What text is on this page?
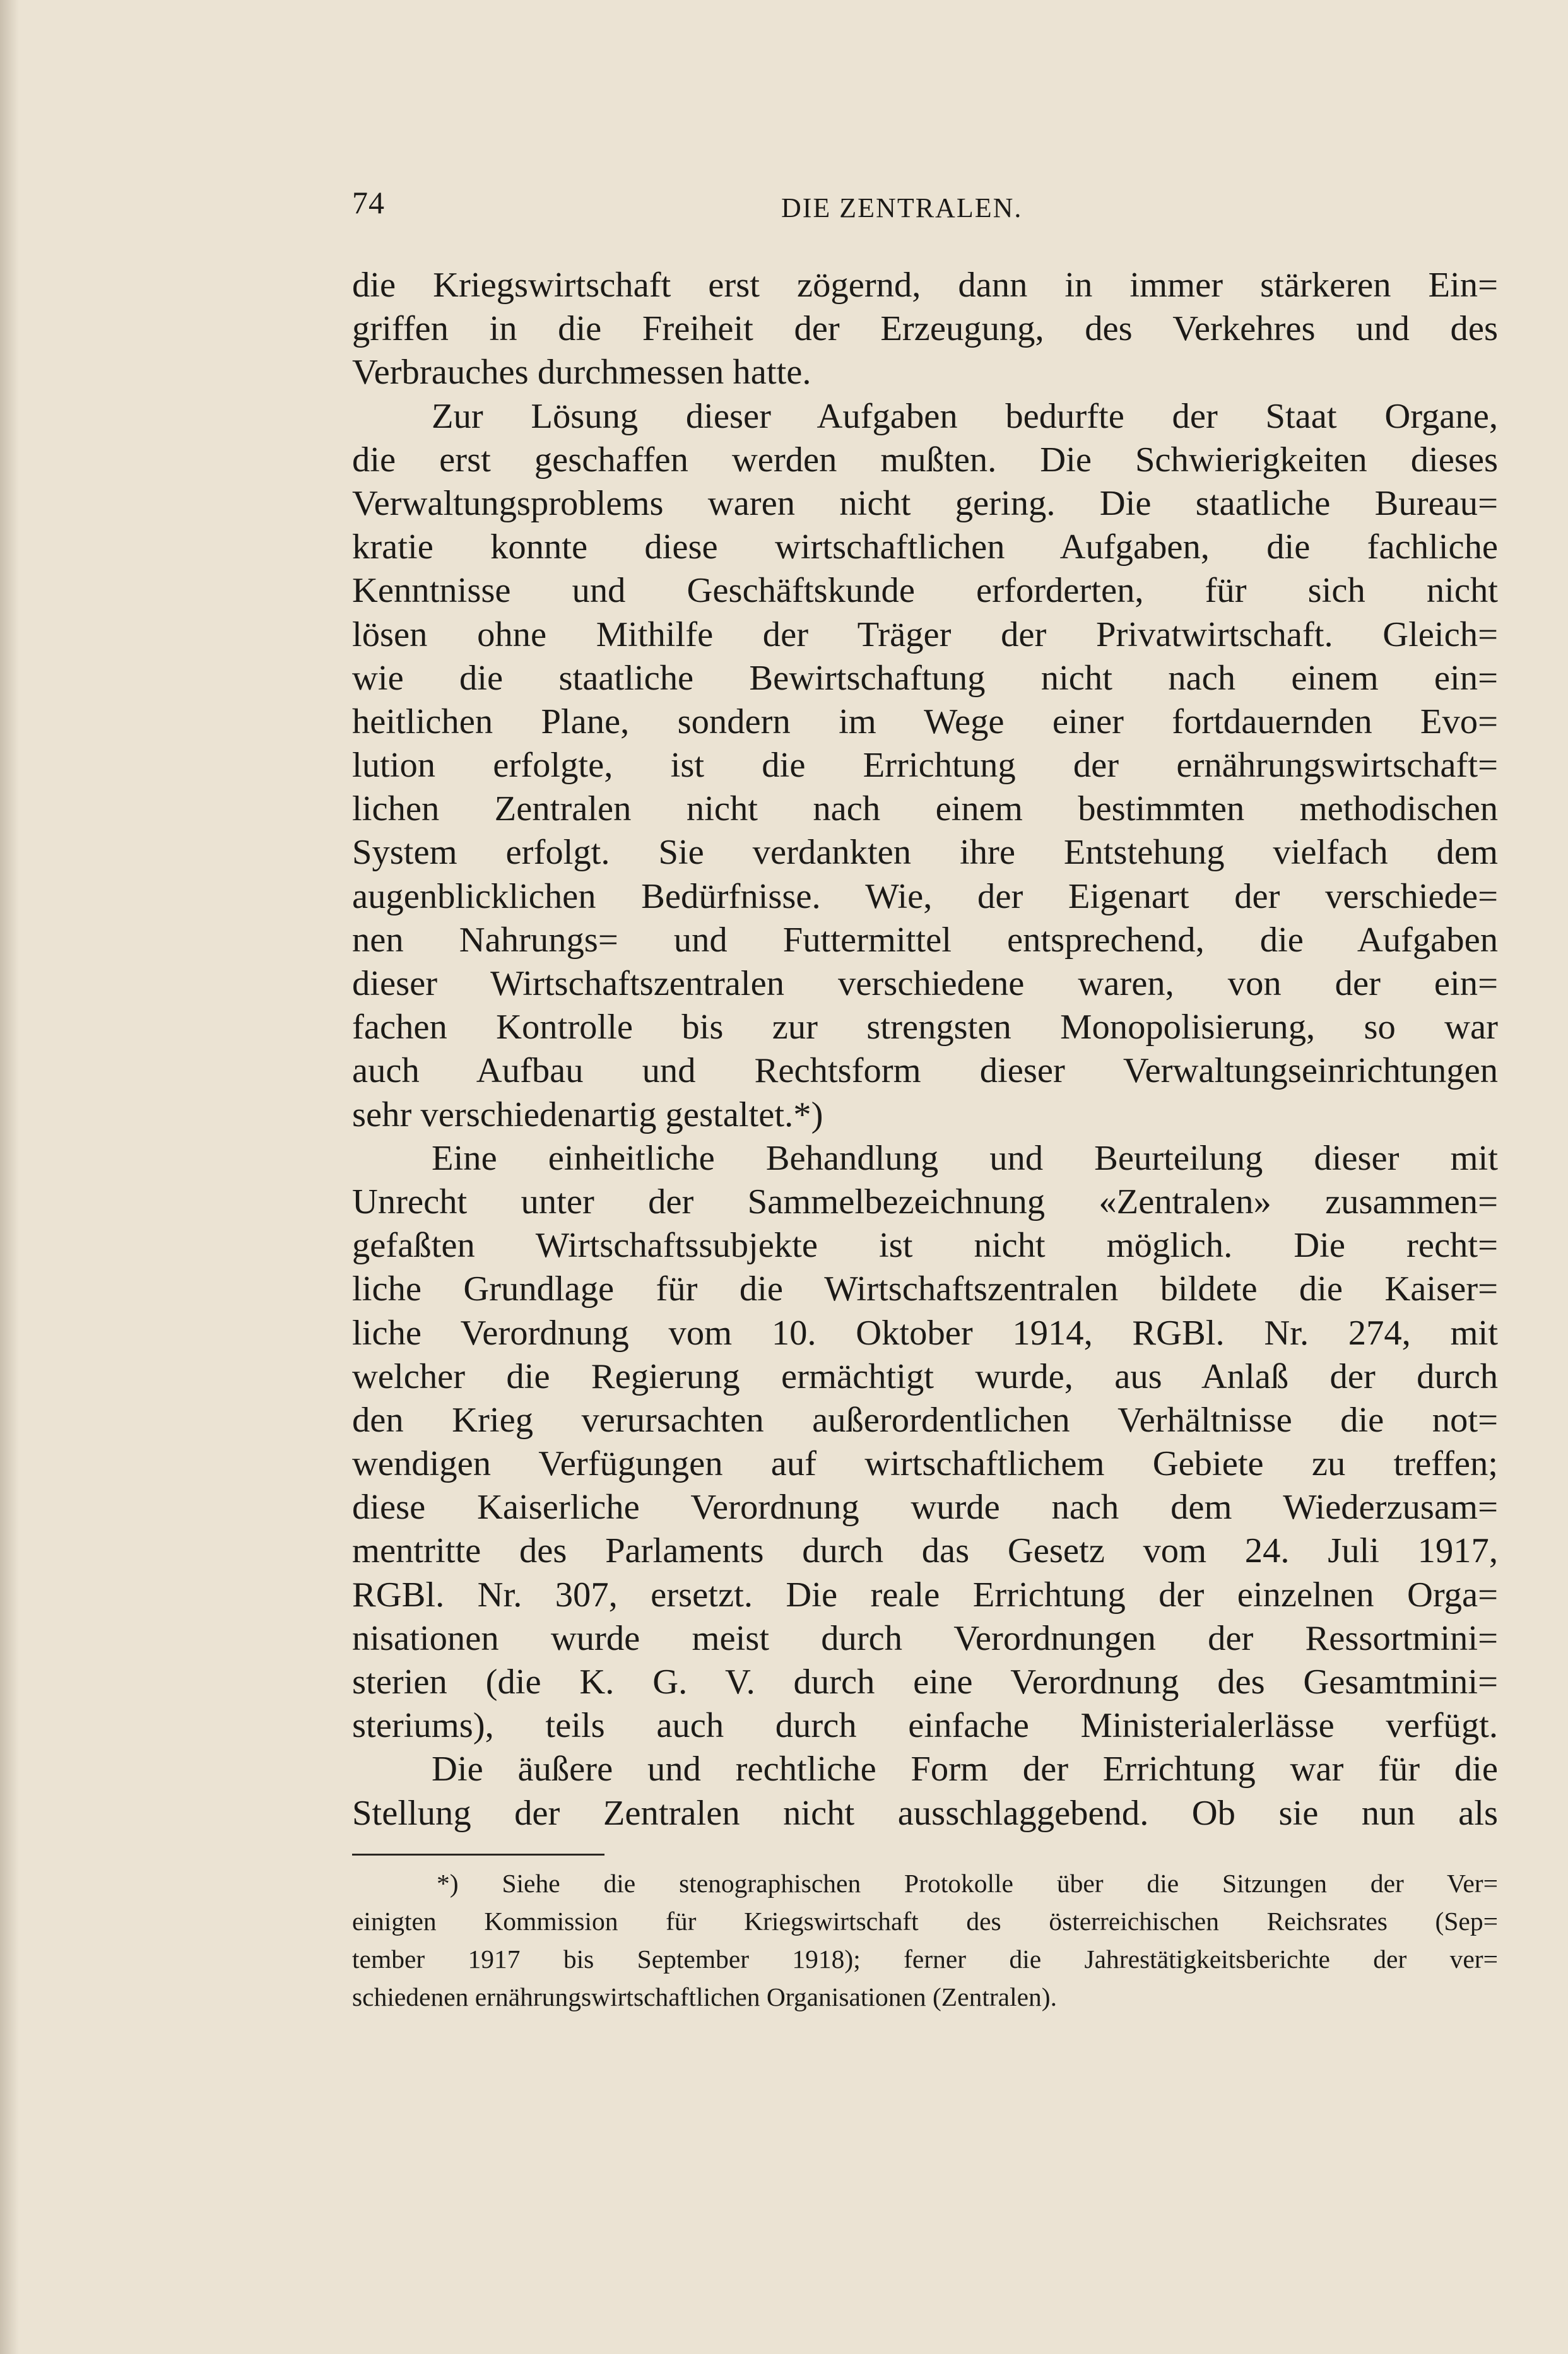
74	DIE ZENTRALEN.
die Kriegswirtschaft erst zögernd, dann in immer stärkeren Ein=
griffen in die Freiheit der Erzeugung, des Verkehres und des
Verbrauches durchmessen hatte.
Zur Lösung dieser Aufgaben bedurfte der Staat Organe,
die erst geschaffen werden mußten. Die Schwierigkeiten dieses
Verwaltungsproblems waren nicht gering. Die staatliche Bureau=
kratie konnte diese wirtschaftlichen Aufgaben, die fachliche
Kenntnisse und Geschäftskunde erforderten, für sich nicht
lösen ohne Mithilfe der Träger der Privatwirtschaft. Gleich=
wie die staatliche Bewirtschaftung nicht nach einem ein=
heitlichen Plane, sondern im Wege einer fortdauernden Evo=
lution erfolgte, ist die Errichtung der ernährungswirtschaft=
lichen Zentralen nicht nach einem bestimmten methodischen
System erfolgt. Sie verdankten ihre Entstehung vielfach dem
augenblicklichen Bedürfnisse. Wie, der Eigenart der verschiede=
nen Nahrungs= und Futtermittel entsprechend, die Aufgaben
dieser Wirtschaftszentralen verschiedene waren, von der ein=
fachen Kontrolle bis zur strengsten Monopolisierung, so war
auch Aufbau und Rechtsform dieser Verwaltungseinrichtungen
sehr verschiedenartig gestaltet.*)
Eine einheitliche Behandlung und Beurteilung dieser mit
Unrecht unter der Sammelbezeichnung «Zentralen» zusammen=
gefaßten Wirtschaftssubjekte ist nicht möglich. Die recht=
liche Grundlage für die Wirtschaftszentralen bildete die Kaiser=
liche Verordnung vom 10. Oktober 1914, RGBl. Nr. 274, mit
welcher die Regierung ermächtigt wurde, aus Anlaß der durch
den Krieg verursachten außerordentlichen Verhältnisse die not=
wendigen Verfügungen auf wirtschaftlichem Gebiete zu treffen;
diese Kaiserliche Verordnung wurde nach dem Wiederzusam=
mentritte des Parlaments durch das Gesetz vom 24. Juli 1917,
RGBl. Nr. 307, ersetzt. Die reale Errichtung der einzelnen Orga=
nisationen wurde meist durch Verordnungen der Ressortmini=
sterien (die K. G. V. durch eine Verordnung des Gesamtmini=
steriums), teils auch durch einfache Ministerialerlässe verfügt.
Die äußere und rechtliche Form der Errichtung war für die
Stellung der Zentralen nicht ausschlaggebend. Ob sie nun als
*) Siehe die stenographischen Protokolle über die Sitzungen der Ver=
einigten Kommission für Kriegswirtschaft des österreichischen Reichsrates (Sep=
tember 1917 bis September 1918); ferner die Jahrestätigkeitsberichte der ver=
schiedenen ernährungswirtschaftlichen Organisationen (Zentralen).
